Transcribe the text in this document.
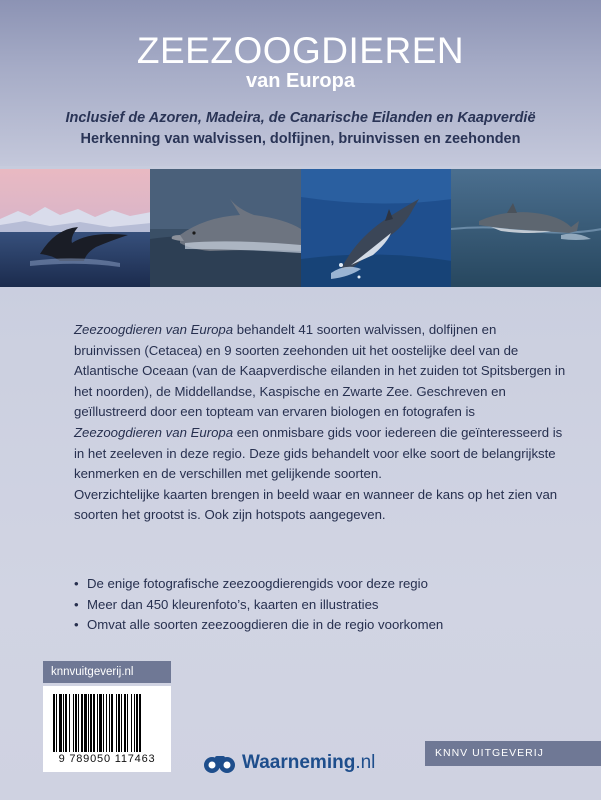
ZEEZOOGDIEREN
van Europa
Inclusief de Azoren, Madeira, de Canarische Eilanden en Kaapverdië
Herkenning van walvissen, dolfijnen, bruinvissen en zeehonden

Zeezoogdieren van Europa behandelt 41 soorten walvissen, dolfijnen en bruinvissen (Cetacea) en 9 soorten zeehonden uit het oostelijke deel van de Atlantische Oceaan (van de Kaapverdische eilanden in het zuiden tot Spitsbergen in het noorden), de Middellandse, Kaspische en Zwarte Zee. Geschreven en geïllustreerd door een topteam van ervaren biologen en fotografen is Zeezoogdieren van Europa een onmisbare gids voor iedereen die geïnteresseerd is in het zeeleven in deze regio. Deze gids behandelt voor elke soort de belangrijkste kenmerken en de verschillen met gelijkende soorten.

Overzichtelijke kaarten brengen in beeld waar en wanneer de kans op het zien van soorten het grootst is. Ook zijn hotspots aangegeven.

• De enige fotografische zeezoogdierengids voor deze regio
• Meer dan 450 kleurenfoto’s, kaarten en illustraties
• Omvat alle soorten zeezoogdieren die in de regio voorkomen
knnvuitgeverij.nl
9 789050 117463	Waarneming.nl	KNNV UITGEVERIJ
